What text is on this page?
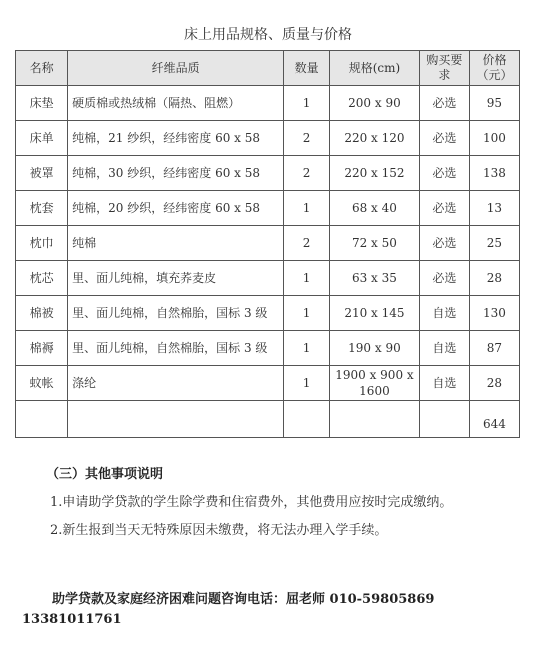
床上用品规格、质量与价格
名称	纤维品质	数量	规格(cm)	购买要求	价格（元）
床垫	硬质棉或热绒棉（隔热、阻燃）	1	200 x 90	必选	95
床单	纯棉，21 纱织，经纬密度 60 x 58	2	220 x 120	必选	100
被罩	纯棉，30 纱织，经纬密度 60 x 58	2	220 x 152	必选	138
枕套	纯棉，20 纱织，经纬密度 60 x 58	1	68 x 40	必选	13
枕巾	纯棉	2	72 x 50	必选	25
枕芯	里、面儿纯棉，填充荞麦皮	1	63 x 35	必选	28
棉被	里、面儿纯棉，自然棉胎，国标 3 级	1	210 x 145	自选	130
棉褥	里、面儿纯棉，自然棉胎，国标 3 级	1	190 x 90	自选	87
蚊帐	涤纶	1	1900 x 900 x 1600	自选	28

					644
（三）其他事项说明
1.申请助学贷款的学生除学费和住宿费外，其他费用应按时完成缴纳。
2.新生报到当天无特殊原因未缴费，将无法办理入学手续。
助学贷款及家庭经济困难问题咨询电话：屈老师 010-59805869
13381011761
